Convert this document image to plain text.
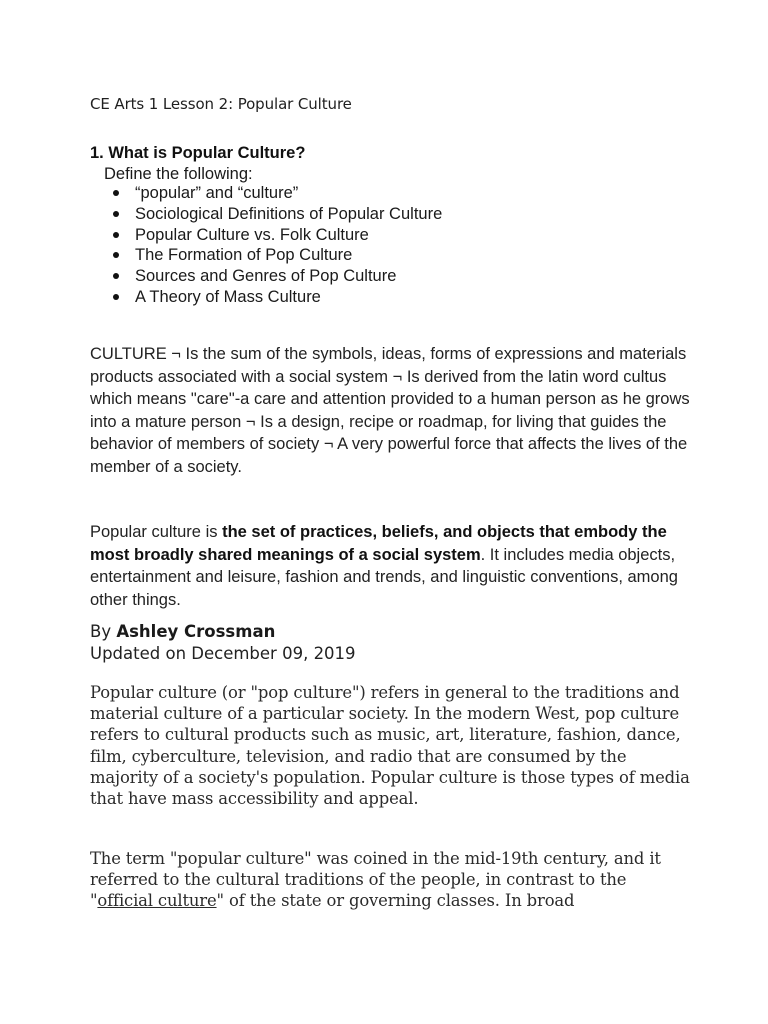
CE Arts 1 Lesson 2: Popular Culture
1. What is Popular Culture?
Define the following:
“popular” and “culture”
Sociological Definitions of Popular Culture
Popular Culture vs. Folk Culture
The Formation of Pop Culture
Sources and Genres of Pop Culture
A Theory of Mass Culture

CULTURE ¬ Is the sum of the symbols, ideas, forms of expressions and materials products associated with a social system ¬ Is derived from the latin word cultus which means "care"-a care and attention provided to a human person as he grows into a mature person ¬ Is a design, recipe or roadmap, for living that guides the behavior of members of society ¬ A very powerful force that affects the lives of the member of a society.

Popular culture is the set of practices, beliefs, and objects that embody the most broadly shared meanings of a social system. It includes media objects, entertainment and leisure, fashion and trends, and linguistic conventions, among other things.

By Ashley Crossman
Updated on December 09, 2019

Popular culture (or "pop culture") refers in general to the traditions and material culture of a particular society. In the modern West, pop culture refers to cultural products such as music, art, literature, fashion, dance, film, cyberculture, television, and radio that are consumed by the majority of a society's population. Popular culture is those types of media that have mass accessibility and appeal.

The term "popular culture" was coined in the mid-19th century, and it referred to the cultural traditions of the people, in contrast to the "official culture" of the state or governing classes. In broad
